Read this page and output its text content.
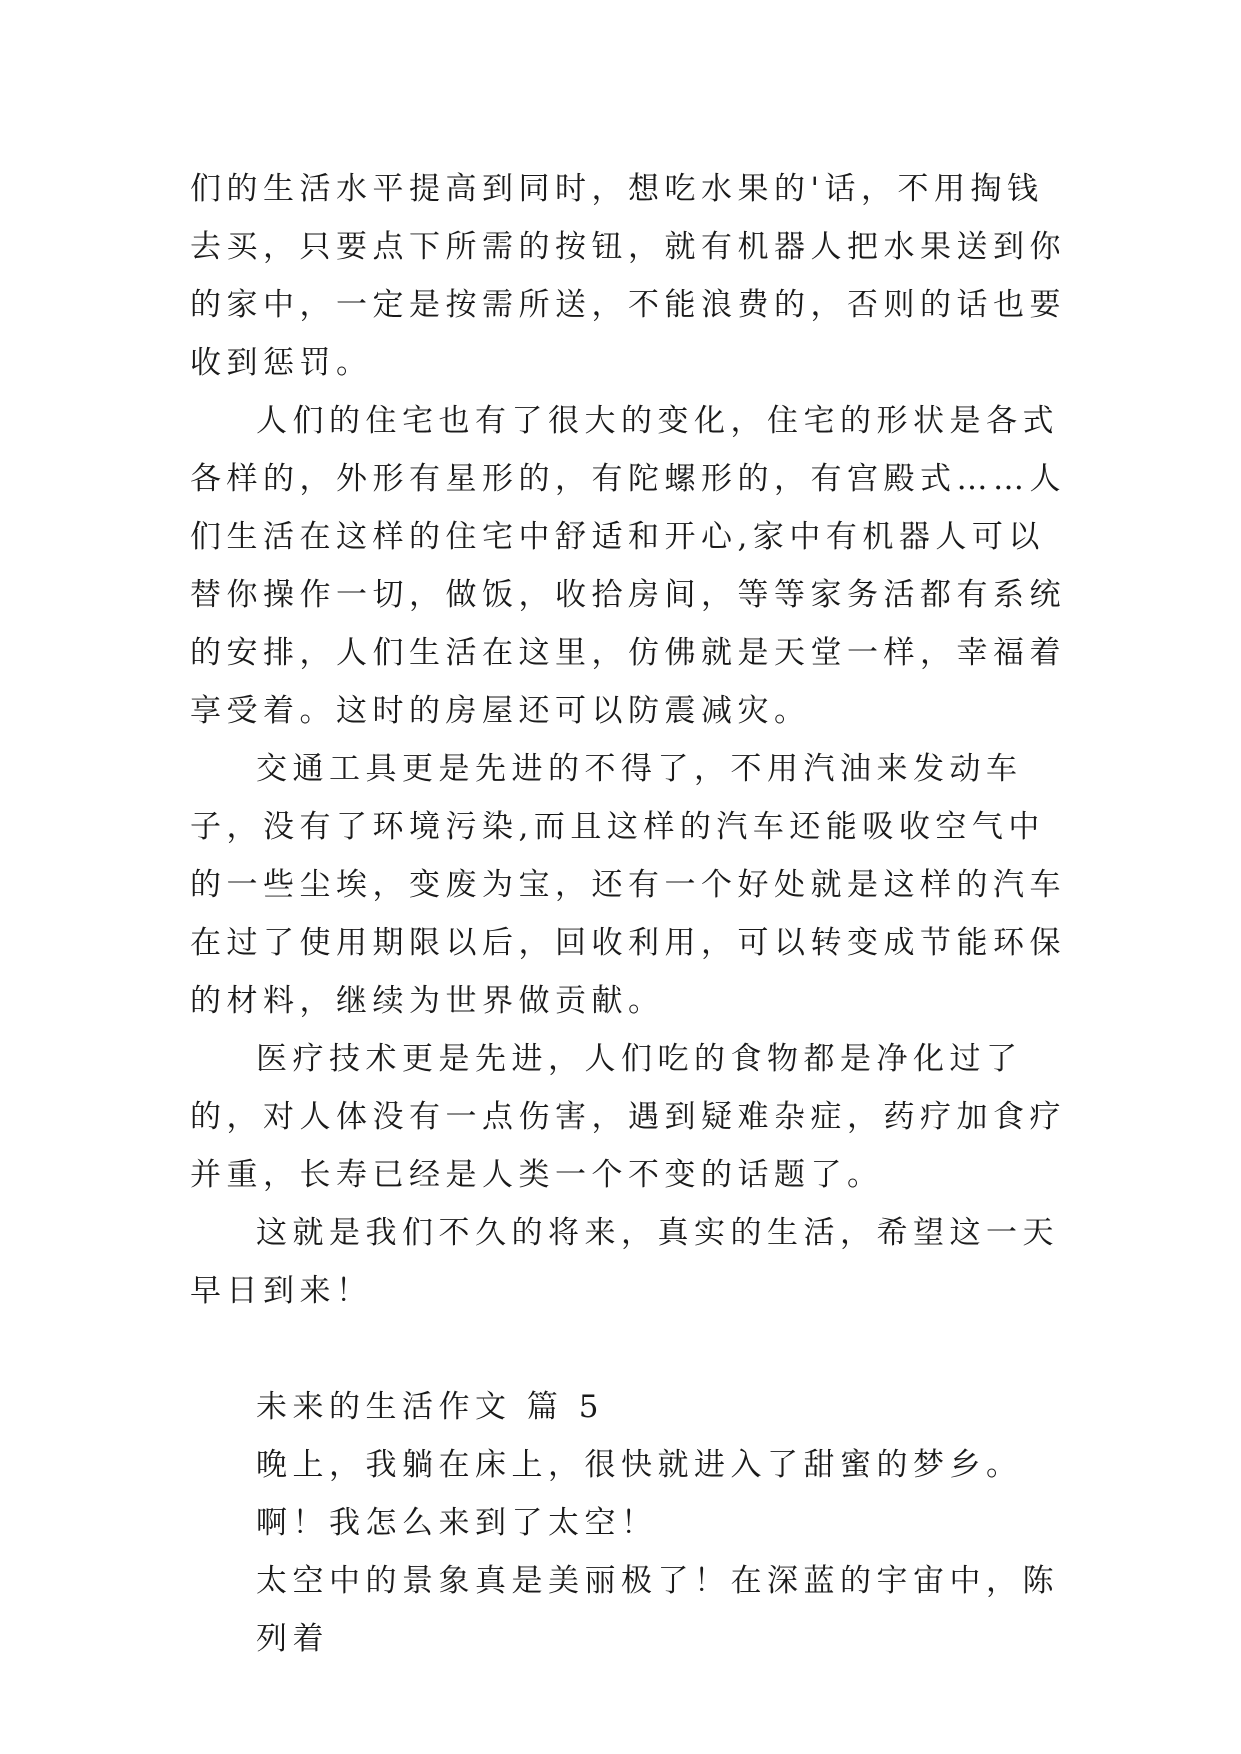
们的生活水平提高到同时，想吃水果的'话，不用掏钱去买，只要点下所需的按钮，就有机器人把水果送到你的家中，一定是按需所送，不能浪费的，否则的话也要收到惩罚。

人们的住宅也有了很大的变化，住宅的形状是各式各样的，外形有星形的，有陀螺形的，有宫殿式……人们生活在这样的住宅中舒适和开心,家中有机器人可以替你操作一切，做饭，收拾房间，等等家务活都有系统的安排，人们生活在这里，仿佛就是天堂一样，幸福着享受着。这时的房屋还可以防震减灾。

交通工具更是先进的不得了，不用汽油来发动车子，没有了环境污染,而且这样的汽车还能吸收空气中的一些尘埃，变废为宝，还有一个好处就是这样的汽车在过了使用期限以后，回收利用，可以转变成节能环保的材料，继续为世界做贡献。

医疗技术更是先进，人们吃的食物都是净化过了的，对人体没有一点伤害，遇到疑难杂症，药疗加食疗并重，长寿已经是人类一个不变的话题了。

这就是我们不久的将来，真实的生活，希望这一天早日到来！

未来的生活作文 篇 5

晚上，我躺在床上，很快就进入了甜蜜的梦乡。

啊！我怎么来到了太空！

太空中的景象真是美丽极了！在深蓝的宇宙中，陈列着
